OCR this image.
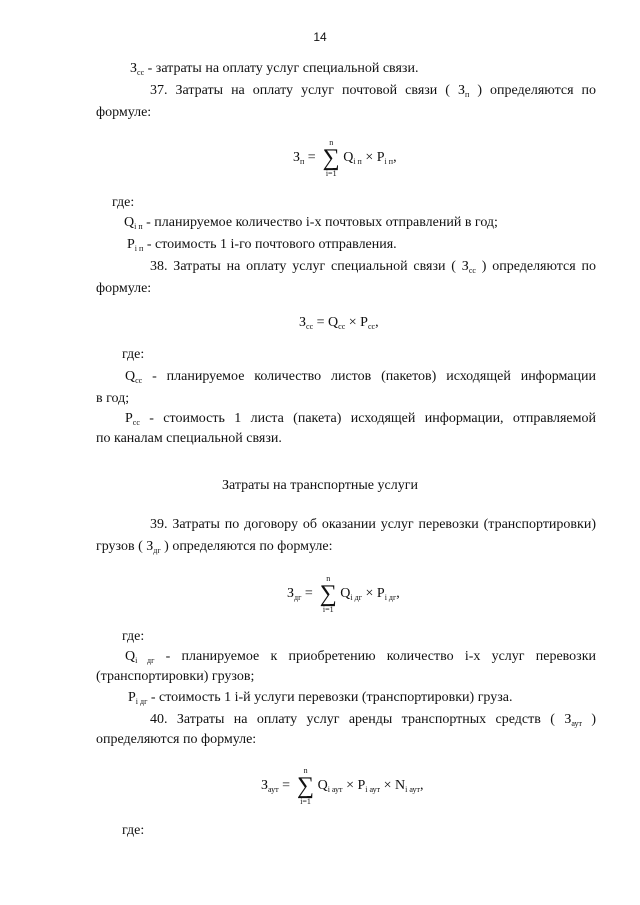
14
$З_{сс}$ - затраты на оплату услуг специальной связи.
37. Затраты на оплату услуг почтовой связи ( $З_п$ ) определяются по
формуле:
$З_п$ =
n
∑
i=1
$Q_{i п} \times P_{i п}$,
где:
$Q_{i п}$ - планируемое количество i-х почтовых отправлений в год;
$P_{i п}$ - стоимость 1 i-го почтового отправления.
38. Затраты на оплату услуг специальной связи ( $З_{сс}$ ) определяются по
формуле:
$З_{сс} = Q_{сс} \times P_{сс}$,
где:
$Q_{сс}$ - планируемое количество листов (пакетов) исходящей информации
в год;
$P_{сс}$ - стоимость 1 листа (пакета) исходящей информации, отправляемой
по каналам специальной связи.
Затраты на транспортные услуги
39. Затраты по договору об оказании услуг перевозки (транспортировки)
грузов ( $З_{дг}$ ) определяются по формуле:
$З_{дг}$ =
n
∑
i=1
$Q_{i дг} \times P_{i дг}$,
где:
$Q_{i дг}$ - планируемое к приобретению количество i-х услуг перевозки
(транспортировки) грузов;
$P_{i дг}$ - стоимость 1 i-й услуги перевозки (транспортировки) груза.
40. Затраты на оплату услуг аренды транспортных средств ( $З_{аут}$ )
определяются по формуле:
$З_{аут}$ =
n
∑
i=1
$Q_{i аут} \times P_{i аут} \times N_{i аут}$,
где:
